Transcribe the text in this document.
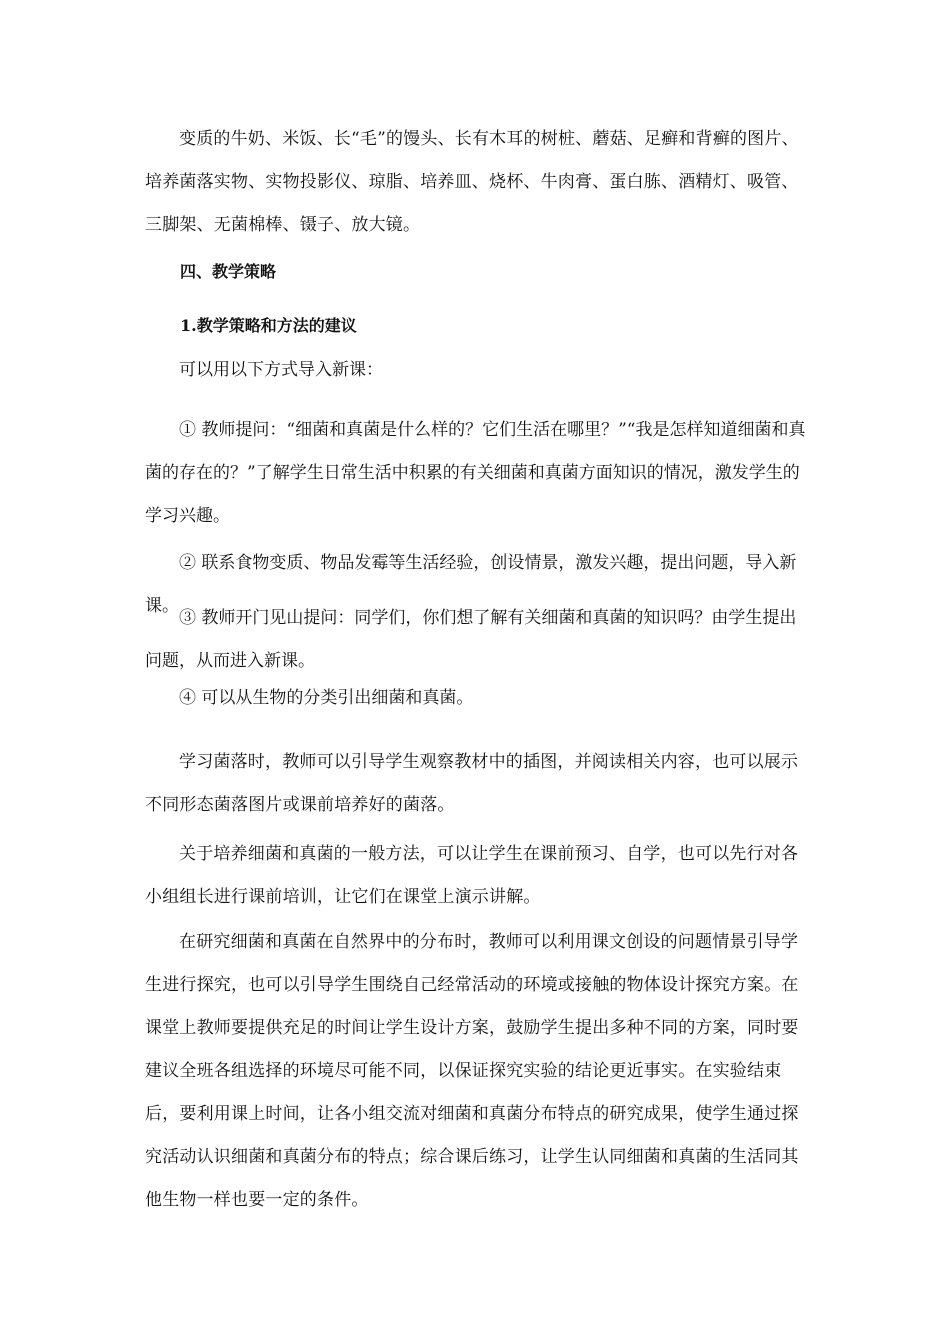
变质的牛奶、米饭、长“毛”的馒头、长有木耳的树桩、蘑菇、足癣和背癣的图片、培养菌落实物、实物投影仪、琼脂、培养皿、烧杯、牛肉膏、蛋白胨、酒精灯、吸管、三脚架、无菌棉棒、镊子、放大镜。

四、教学策略

1.教学策略和方法的建议

可以用以下方式导入新课：

① 教师提问：“细菌和真菌是什么样的？它们生活在哪里？”“我是怎样知道细菌和真菌的存在的？”了解学生日常生活中积累的有关细菌和真菌方面知识的情况，激发学生的学习兴趣。

② 联系食物变质、物品发霉等生活经验，创设情景，激发兴趣，提出问题，导入新课。

③ 教师开门见山提问：同学们，你们想了解有关细菌和真菌的知识吗？由学生提出问题，从而进入新课。

④ 可以从生物的分类引出细菌和真菌。

学习菌落时，教师可以引导学生观察教材中的插图，并阅读相关内容，也可以展示不同形态菌落图片或课前培养好的菌落。

关于培养细菌和真菌的一般方法，可以让学生在课前预习、自学，也可以先行对各小组组长进行课前培训，让它们在课堂上演示讲解。

在研究细菌和真菌在自然界中的分布时，教师可以利用课文创设的问题情景引导学生进行探究，也可以引导学生围绕自己经常活动的环境或接触的物体设计探究方案。在课堂上教师要提供充足的时间让学生设计方案，鼓励学生提出多种不同的方案，同时要建议全班各组选择的环境尽可能不同，以保证探究实验的结论更近事实。在实验结束后，要利用课上时间，让各小组交流对细菌和真菌分布特点的研究成果，使学生通过探究活动认识细菌和真菌分布的特点；综合课后练习，让学生认同细菌和真菌的生活同其他生物一样也要一定的条件。
